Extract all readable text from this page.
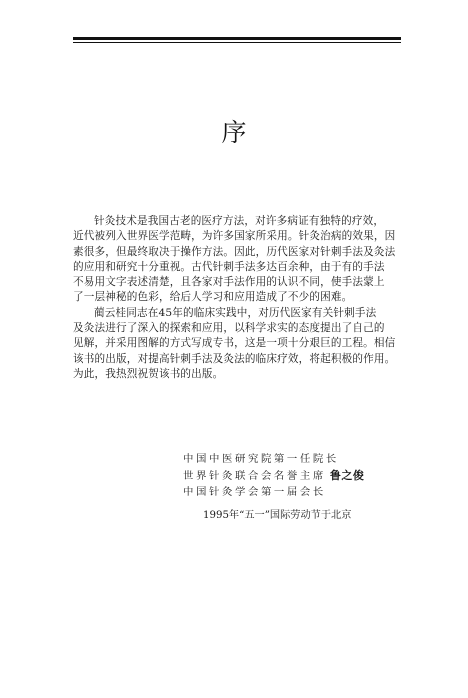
序
针灸技术是我国古老的医疗方法，对许多病证有独特的疗效，
近代被列入世界医学范畴，为许多国家所采用。针灸治病的效果，因
素很多，但最终取决于操作方法。因此，历代医家对针刺手法及灸法
的应用和研究十分重视。古代针刺手法多达百余种，由于有的手法
不易用文字表述清楚，且各家对手法作用的认识不同，使手法蒙上
了一层神秘的色彩，给后人学习和应用造成了不少的困难。
蔺云桂同志在45年的临床实践中，对历代医家有关针刺手法
及灸法进行了深入的探索和应用，以科学求实的态度提出了自己的
见解，并采用图解的方式写成专书，这是一项十分艰巨的工程。相信
该书的出版，对提高针刺手法及灸法的临床疗效，将起积极的作用。
为此，我热烈祝贺该书的出版。
中国中医研究院第一任院长
世界针灸联合会名誉主席 鲁之俊
中国针灸学会第一届会长
1995年“五一”国际劳动节于北京
